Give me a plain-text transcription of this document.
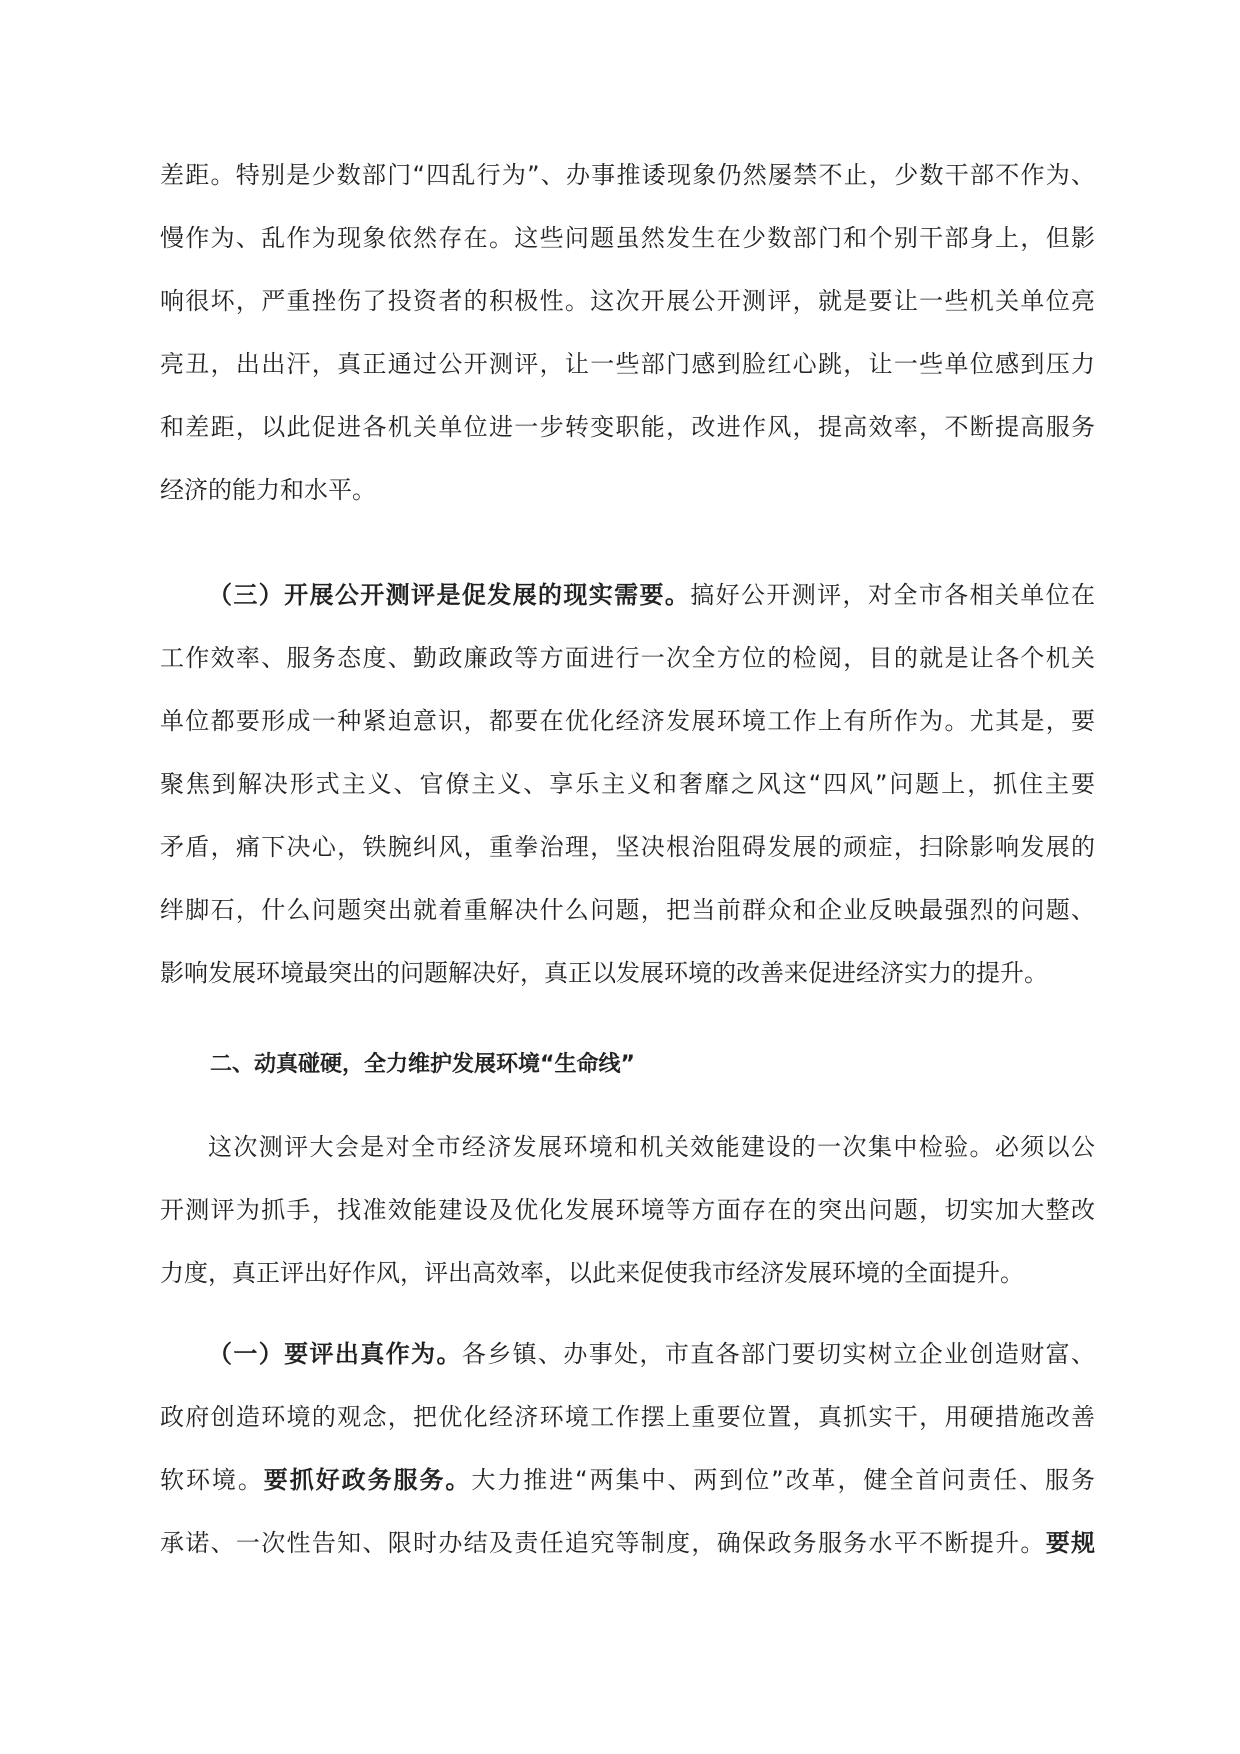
差距。特别是少数部门“四乱行为”、办事推诿现象仍然屡禁不止，少数干部不作为、
慢作为、乱作为现象依然存在。这些问题虽然发生在少数部门和个别干部身上，但影
响很坏，严重挫伤了投资者的积极性。这次开展公开测评，就是要让一些机关单位亮
亮丑，出出汗，真正通过公开测评，让一些部门感到脸红心跳，让一些单位感到压力
和差距，以此促进各机关单位进一步转变职能，改进作风，提高效率，不断提高服务
经济的能力和水平。
（三）开展公开测评是促发展的现实需要。搞好公开测评，对全市各相关单位在
工作效率、服务态度、勤政廉政等方面进行一次全方位的检阅，目的就是让各个机关
单位都要形成一种紧迫意识，都要在优化经济发展环境工作上有所作为。尤其是，要
聚焦到解决形式主义、官僚主义、享乐主义和奢靡之风这“四风”问题上，抓住主要
矛盾，痛下决心，铁腕纠风，重拳治理，坚决根治阻碍发展的顽症，扫除影响发展的
绊脚石，什么问题突出就着重解决什么问题，把当前群众和企业反映最强烈的问题、
影响发展环境最突出的问题解决好，真正以发展环境的改善来促进经济实力的提升。
二、动真碰硬，全力维护发展环境“生命线”
这次测评大会是对全市经济发展环境和机关效能建设的一次集中检验。必须以公
开测评为抓手，找准效能建设及优化发展环境等方面存在的突出问题，切实加大整改
力度，真正评出好作风，评出高效率，以此来促使我市经济发展环境的全面提升。
（一）要评出真作为。各乡镇、办事处，市直各部门要切实树立企业创造财富、
政府创造环境的观念，把优化经济环境工作摆上重要位置，真抓实干，用硬措施改善
软环境。要抓好政务服务。大力推进“两集中、两到位”改革，健全首问责任、服务
承诺、一次性告知、限时办结及责任追究等制度，确保政务服务水平不断提升。要规
